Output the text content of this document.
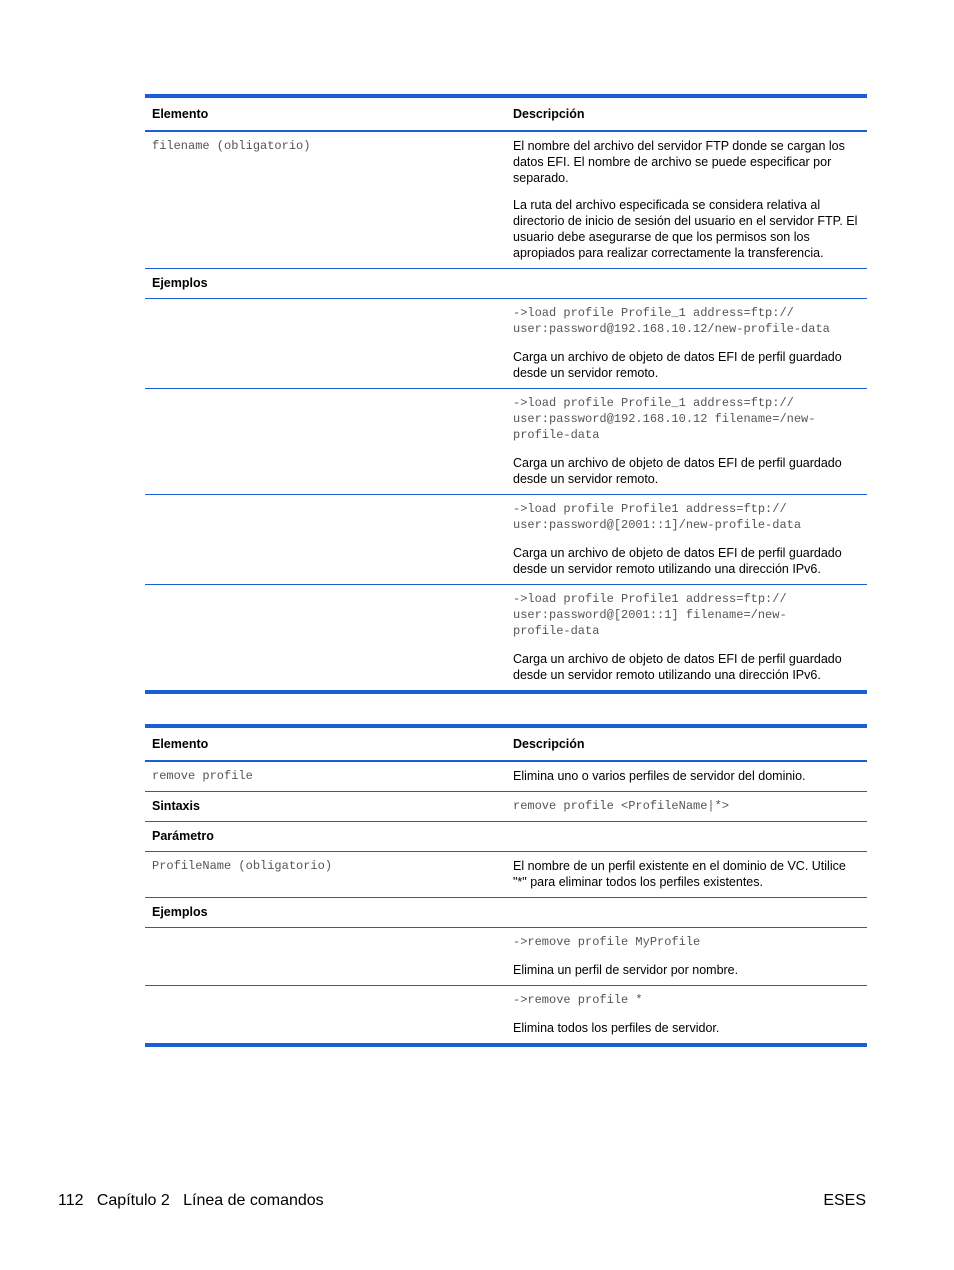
Elemento	Descripción

filename (obligatorio)	El nombre del archivo del servidor FTP donde se cargan los datos EFI. El nombre de archivo se puede especificar por separado.

La ruta del archivo especificada se considera relativa al directorio de inicio de sesión del usuario en el servidor FTP. El usuario debe asegurarse de que los permisos son los apropiados para realizar correctamente la transferencia.

Ejemplos

->load profile Profile_1 address=ftp://
user:password@192.168.10.12/new-profile-data

Carga un archivo de objeto de datos EFI de perfil guardado desde un servidor remoto.

->load profile Profile_1 address=ftp://
user:password@192.168.10.12 filename=/new-
profile-data

Carga un archivo de objeto de datos EFI de perfil guardado desde un servidor remoto.

->load profile Profile1 address=ftp://
user:password@[2001::1]/new-profile-data

Carga un archivo de objeto de datos EFI de perfil guardado desde un servidor remoto utilizando una dirección IPv6.

->load profile Profile1 address=ftp://
user:password@[2001::1] filename=/new-
profile-data

Carga un archivo de objeto de datos EFI de perfil guardado desde un servidor remoto utilizando una dirección IPv6.

Elemento	Descripción

remove profile	Elimina uno o varios perfiles de servidor del dominio.

Sintaxis	remove profile <ProfileName|*>

Parámetro

ProfileName (obligatorio)	El nombre de un perfil existente en el dominio de VC. Utilice "*" para eliminar todos los perfiles existentes.

Ejemplos

->remove profile MyProfile

Elimina un perfil de servidor por nombre.

->remove profile *

Elimina todos los perfiles de servidor.

112   Capítulo 2   Línea de comandos	ESES
